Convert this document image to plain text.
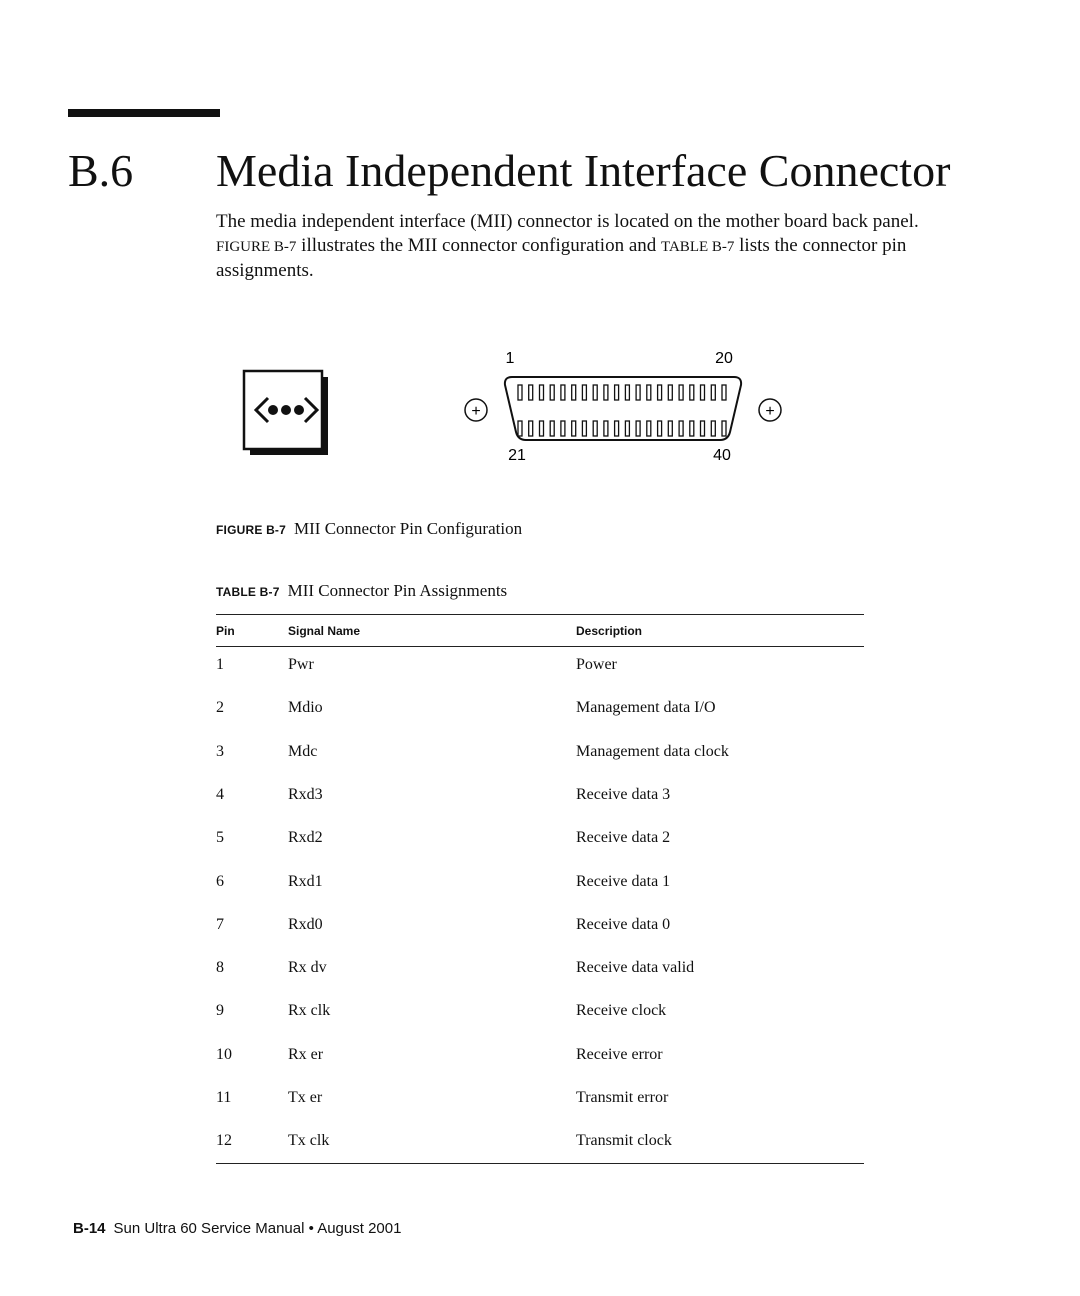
B.6 Media Independent Interface Connector
The media independent interface (MII) connector is located on the mother board back panel. FIGURE B-7 illustrates the MII connector configuration and TABLE B-7 lists the connector pin assignments.
+	+
1	20
21	40
FIGURE B-7 MII Connector Pin Configuration
TABLE B-7 MII Connector Pin Assignments
Pin	Signal Name	Description
1	Pwr	Power
2	Mdio	Management data I/O
3	Mdc	Management data clock
4	Rxd3	Receive data 3
5	Rxd2	Receive data 2
6	Rxd1	Receive data 1
7	Rxd0	Receive data 0
8	Rx dv	Receive data valid
9	Rx clk	Receive clock
10	Rx er	Receive error
11	Tx er	Transmit error
12	Tx clk	Transmit clock
B-14 Sun Ultra 60 Service Manual • August 2001
